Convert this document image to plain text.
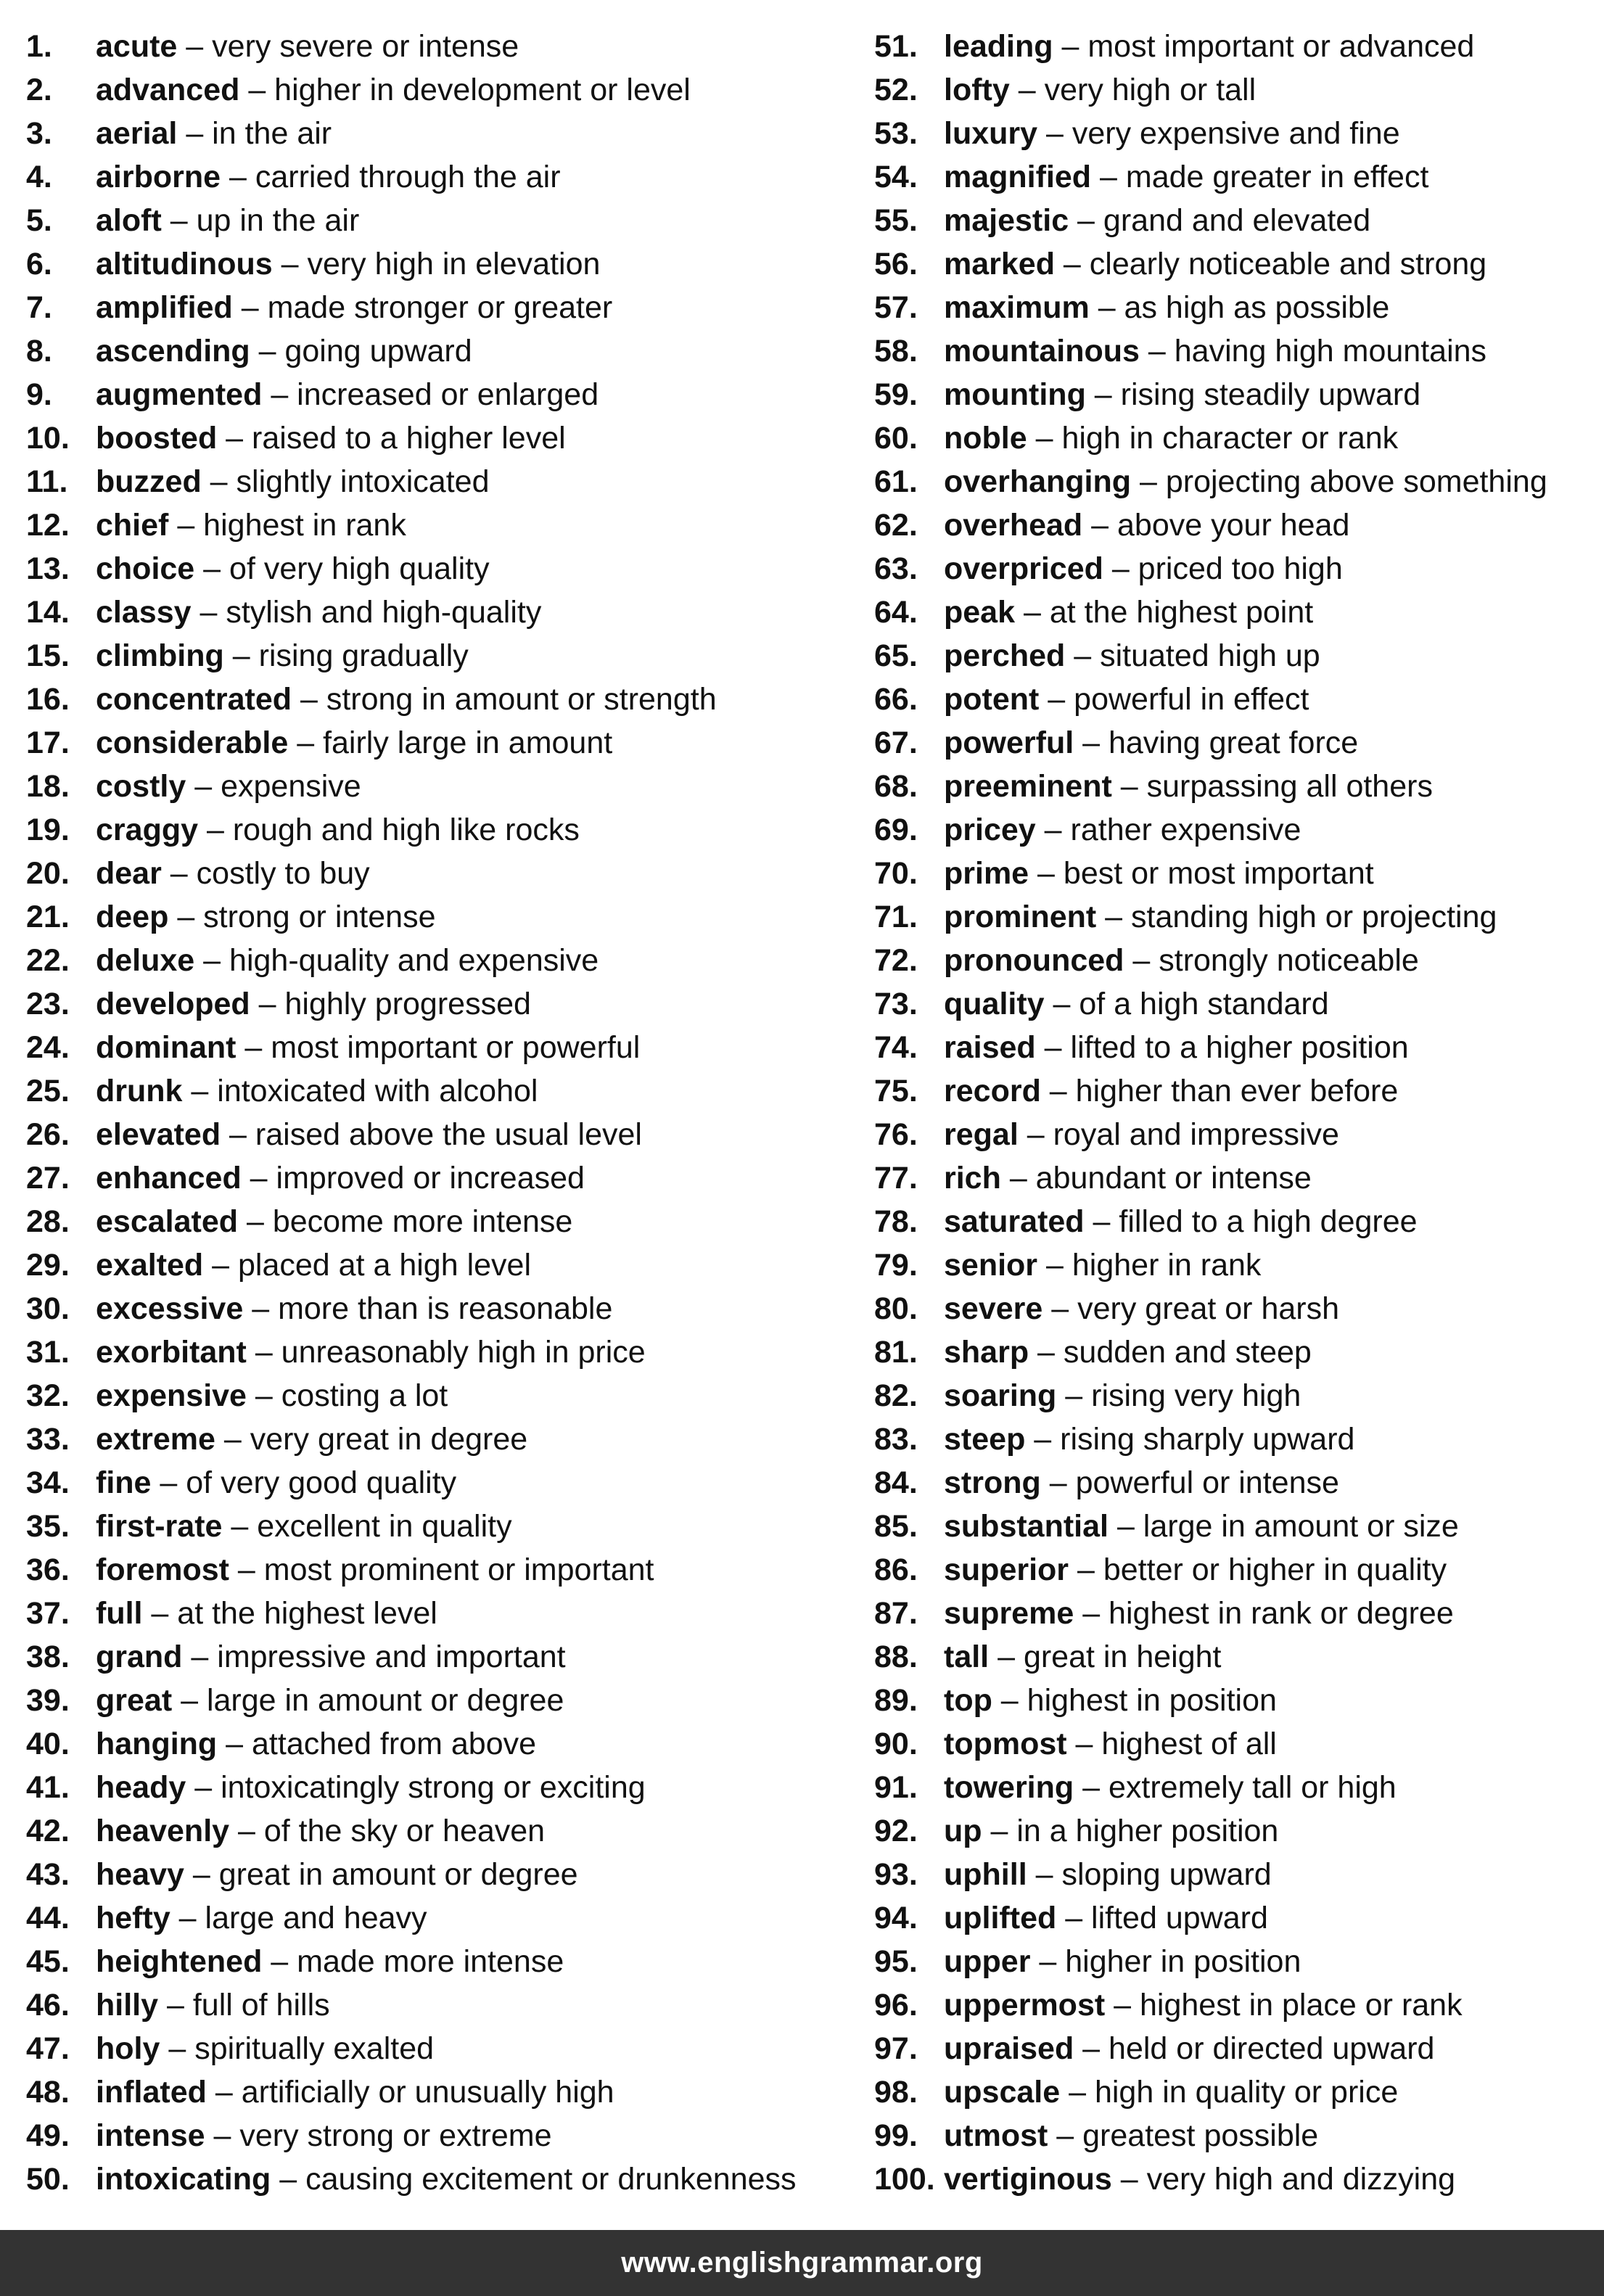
1.	acute – very severe or intense
2.	advanced – higher in development or level
3.	aerial – in the air
4.	airborne – carried through the air
5.	aloft – up in the air
6.	altitudinous – very high in elevation
7.	amplified – made stronger or greater
8.	ascending – going upward
9.	augmented – increased or enlarged
10. boosted – raised to a higher level
11. buzzed – slightly intoxicated
12. chief – highest in rank
13. choice – of very high quality
14. classy – stylish and high-quality
15. climbing – rising gradually
16. concentrated – strong in amount or strength
17. considerable – fairly large in amount
18. costly – expensive
19. craggy – rough and high like rocks
20. dear – costly to buy
21. deep – strong or intense
22. deluxe – high-quality and expensive
23. developed – highly progressed
24. dominant – most important or powerful
25. drunk – intoxicated with alcohol
26. elevated – raised above the usual level
27. enhanced – improved or increased
28. escalated – become more intense
29. exalted – placed at a high level
30. excessive – more than is reasonable
31. exorbitant – unreasonably high in price
32. expensive – costing a lot
33. extreme – very great in degree
34. fine – of very good quality
35. first-rate – excellent in quality
36. foremost – most prominent or important
37. full – at the highest level
38. grand – impressive and important
39. great – large in amount or degree
40. hanging – attached from above
41. heady – intoxicatingly strong or exciting
42. heavenly – of the sky or heaven
43. heavy – great in amount or degree
44. hefty – large and heavy
45. heightened – made more intense
46. hilly – full of hills
47. holy – spiritually exalted
48. inflated – artificially or unusually high
49. intense – very strong or extreme
50. intoxicating – causing excitement or drunkenness
51. leading – most important or advanced
52. lofty – very high or tall
53. luxury – very expensive and fine
54. magnified – made greater in effect
55. majestic – grand and elevated
56. marked – clearly noticeable and strong
57. maximum – as high as possible
58. mountainous – having high mountains
59. mounting – rising steadily upward
60. noble – high in character or rank
61. overhanging – projecting above something
62. overhead – above your head
63. overpriced – priced too high
64. peak – at the highest point
65. perched – situated high up
66. potent – powerful in effect
67. powerful – having great force
68. preeminent – surpassing all others
69. pricey – rather expensive
70. prime – best or most important
71. prominent – standing high or projecting
72. pronounced – strongly noticeable
73. quality – of a high standard
74. raised – lifted to a higher position
75. record – higher than ever before
76. regal – royal and impressive
77. rich – abundant or intense
78. saturated – filled to a high degree
79. senior – higher in rank
80. severe – very great or harsh
81. sharp – sudden and steep
82. soaring – rising very high
83. steep – rising sharply upward
84. strong – powerful or intense
85. substantial – large in amount or size
86. superior – better or higher in quality
87. supreme – highest in rank or degree
88. tall – great in height
89. top – highest in position
90. topmost – highest of all
91. towering – extremely tall or high
92. up – in a higher position
93. uphill – sloping upward
94. uplifted – lifted upward
95. upper – higher in position
96. uppermost – highest in place or rank
97. upraised – held or directed upward
98. upscale – high in quality or price
99. utmost – greatest possible
100. vertiginous – very high and dizzying
www.englishgrammar.org
